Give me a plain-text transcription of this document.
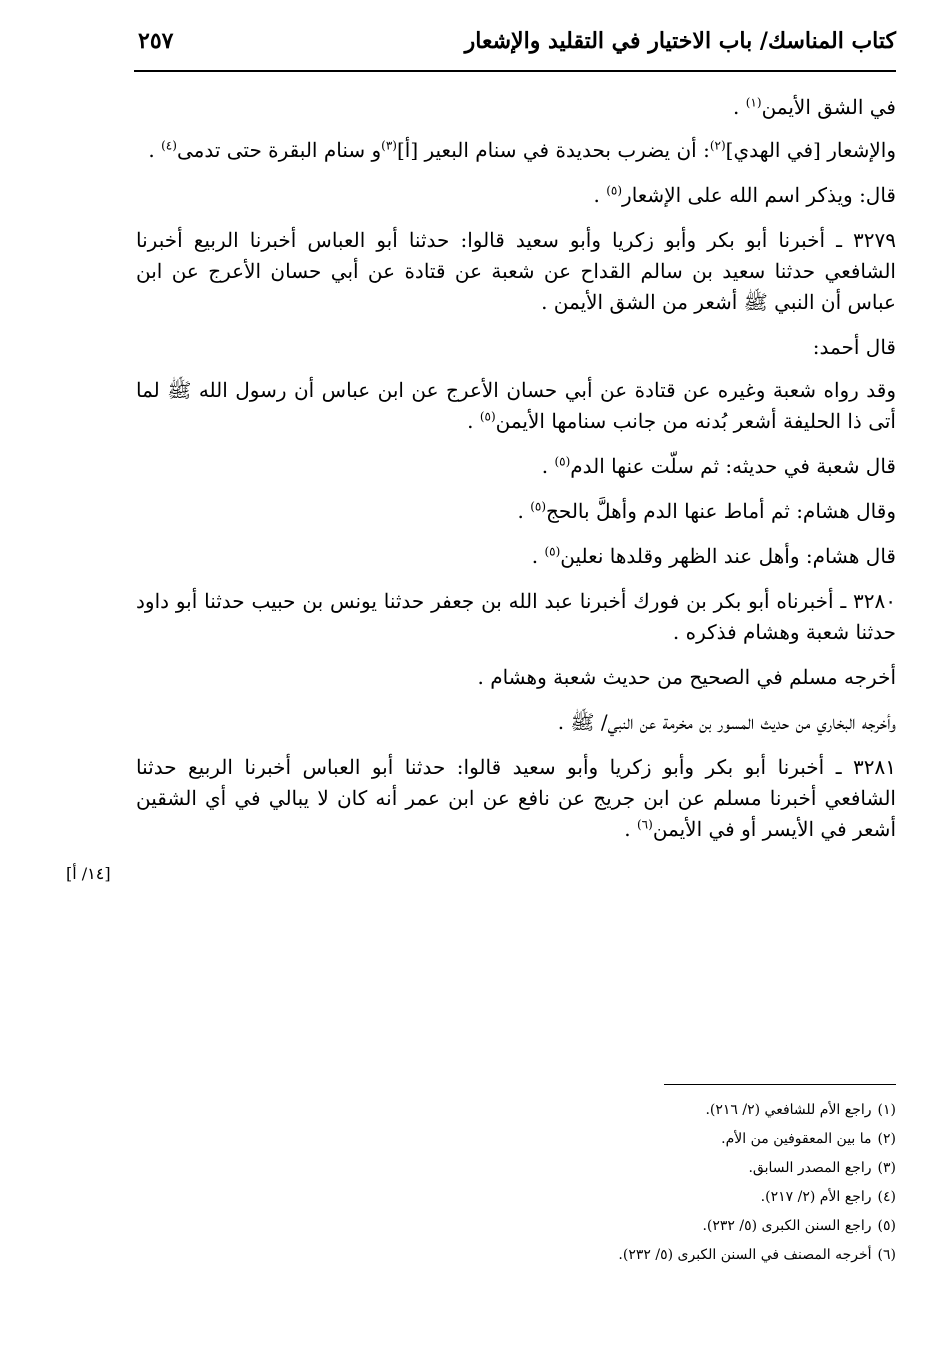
كتاب المناسك/ باب الاختيار في التقليد والإشعار
٢٥٧

في الشق الأيمن$^{(١)}$ .

والإشعار [في الهدي]$^{(٢)}$: أن يضرب بحديدة في سنام البعير [أ]$^{(٣)}$و سنام البقرة حتى تدمى$^{(٤)}$ .

قال: ويذكر اسم الله على الإشعار$^{(٥)}$ .

٣٢٧٩ ـ أخبرنا أبو بكر وأبو زكريا وأبو سعيد قالوا: حدثنا أبو العباس أخبرنا الربيع أخبرنا الشافعي حدثنا سعيد بن سالم القداح عن شعبة عن قتادة عن أبي حسان الأعرج عن ابن عباس أن النبي ﷺ أشعر من الشق الأيمن .

قال أحمد:

وقد رواه شعبة وغيره عن قتادة عن أبي حسان الأعرج عن ابن عباس أن رسول الله ﷺ لما أتى ذا الحليفة أشعر بُدنه من جانب سنامها الأيمن$^{(٥)}$ .

قال شعبة في حديثه: ثم سلّت عنها الدم$^{(٥)}$ .

وقال هشام: ثم أماط عنها الدم وأهلَّ بالحج$^{(٥)}$ .

قال هشام: وأهل عند الظهر وقلدها نعلين$^{(٥)}$ .

٣٢٨٠ ـ أخبرناه أبو بكر بن فورك أخبرنا عبد الله بن جعفر حدثنا يونس بن حبيب حدثنا أبو داود حدثنا شعبة وهشام فذكره .

أخرجه مسلم في الصحيح من حديث شعبة وهشام .

وأخرجه البخاري من حديث المسور بن مخرمة عن النبي/ ﷺ .

٣٢٨١ ـ أخبرنا أبو بكر وأبو زكريا وأبو سعيد قالوا: حدثنا أبو العباس أخبرنا الربيع حدثنا الشافعي أخبرنا مسلم عن ابن جريج عن نافع عن ابن عمر أنه كان لا يبالي في أي الشقين أشعر في الأيسر أو في الأيمن$^{(٦)}$ .

[١٤/ أ]

(١)راجع الأم للشافعي (٢/ ٢١٦).

(٢)ما بين المعقوفين من الأم.

(٣)راجع المصدر السابق.

(٤)راجع الأم (٢/ ٢١٧).

(٥)راجع السنن الكبرى (٥/ ٢٣٢).

(٦)أخرجه المصنف في السنن الكبرى (٥/ ٢٣٢).
